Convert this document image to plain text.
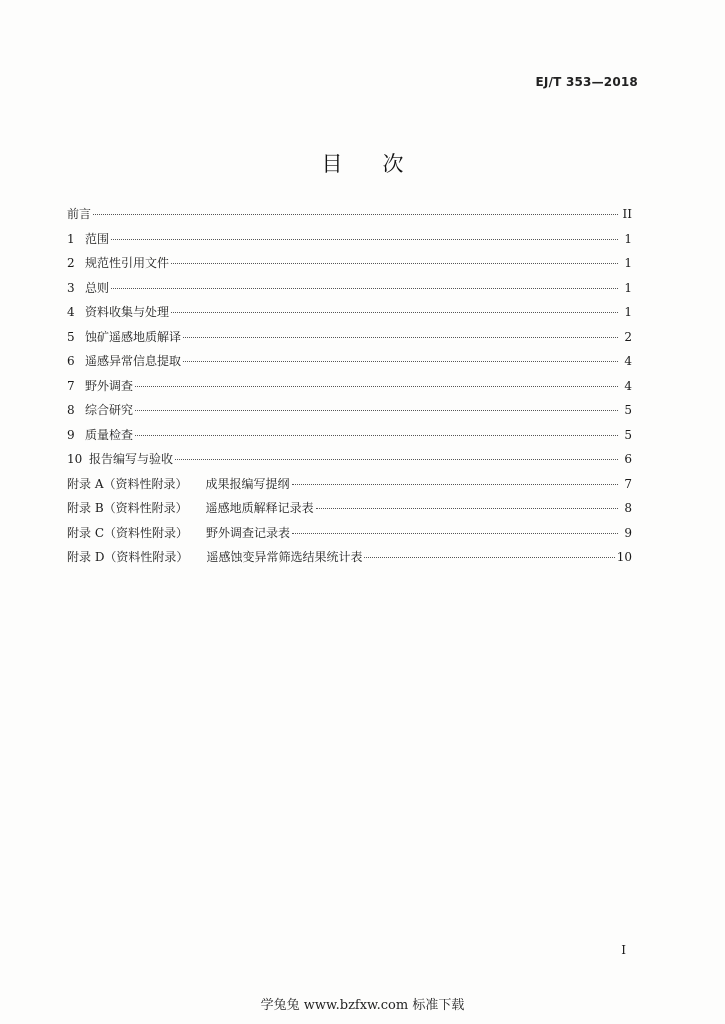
EJ/T 353—2018
目次
前言	II
1 范围	1
2 规范性引用文件	1
3 总则	1
4 资料收集与处理	1
5 蚀矿遥感地质解译	2
6 遥感异常信息提取	4
7 野外调查	4
8 综合研究	5
9 质量检查	5
10 报告编写与验收	6
附录 A（资料性附录） 成果报编写提纲	7
附录 B（资料性附录） 遥感地质解释记录表	8
附录 C（资料性附录） 野外调查记录表	9
附录 D（资料性附录） 遥感蚀变异常筛选结果统计表	10
I
学兔兔 www.bzfxw.com 标准下载
